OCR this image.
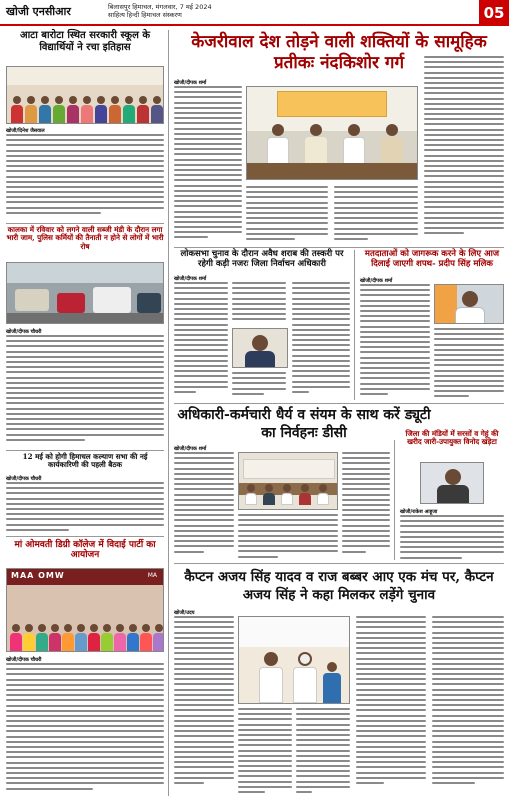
खोजी एनसीआर	बिलासपुर हिमाचल, मंगलवार, 7 मई 2024
साहित्य हिन्दी हिमाचल संस्करण	05
आटा बारोटा स्थित सरकारी स्कूल के विद्यार्थियों ने रचा इतिहास
खोजी/दिनेश जैसवाल
कालका में रविवार को लगने वाली सब्जी मंडी के दौरान लगा भारी जाम, पुलिस कर्मियों की तैनाती न होने से लोगों में भारी रोष
खोजी/दीपक चौधरी
12 मई को होगी हिमाचल कल्याण सभा की नई कार्यकारिणी की पहली बैठक
खोजी/दीपक चौधरी
मां ओमवती डिग्री कॉलेज में विदाई पार्टी का आयोजन
MAA OMW	MA
खोजी/दीपक चौधरी
केजरीवाल देश तोड़ने वाली शक्तियों के सामूहिक प्रतीकः नंदकिशोर गर्ग
खोजी/दीपक शर्मा
लोकसभा चुनाव के दौरान अवैध शराब की तस्करी पर रहेगी कड़ी नजरः जिला निर्वाचन अधिकारी
खोजी/दीपक शर्मा
मतदाताओं को जागरूक करने के लिए आज दिलाई जाएगी शपथ- प्रदीप सिंह मलिक
खोजी/दीपक शर्मा
अधिकारी-कर्मचारी धैर्य व संयम के साथ करें ड्यूटी का निर्वहनः डीसी
खोजी/दीपक शर्मा
जिला की मंडियों में सरसों व गेहूं की खरीद जारी-उपायुक्त विनोद खड़ेटा
खोजी/राकेश आहूजा
कैप्टन अजय सिंह यादव व राज बब्बर आए एक मंच पर, कैप्टन अजय सिंह ने कहा मिलकर लड़ेंगे चुनाव
खोजी/उदय
